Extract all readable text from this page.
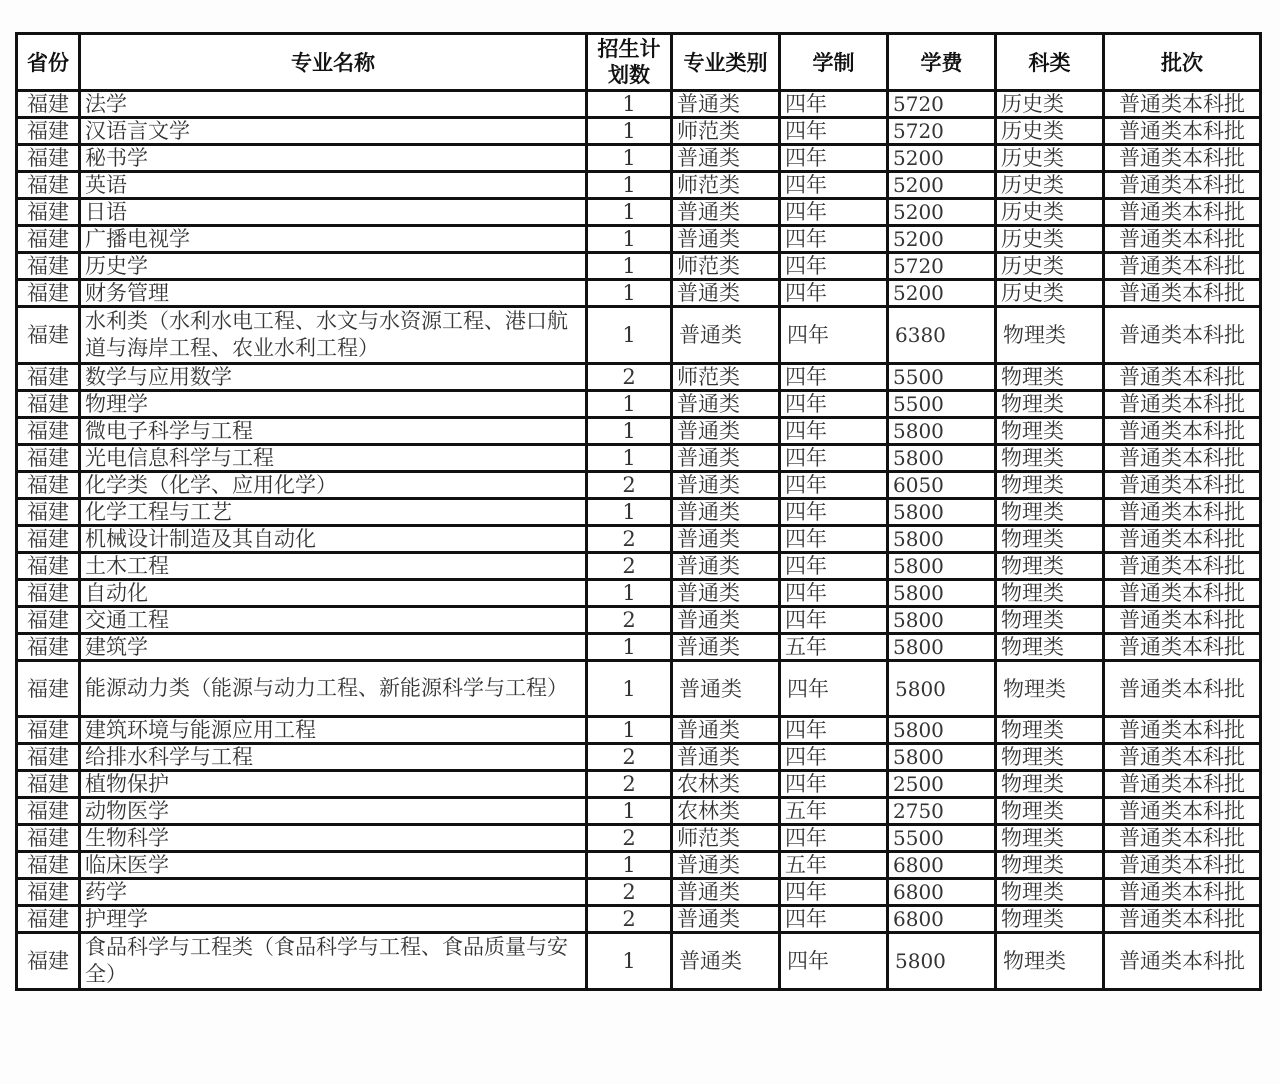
省份	专业名称	招生计划数	专业类别	学制	学费	科类	批次
福建	法学	1	普通类	四年	5720	历史类	普通类本科批
福建	汉语言文学	1	师范类	四年	5720	历史类	普通类本科批
福建	秘书学	1	普通类	四年	5200	历史类	普通类本科批
福建	英语	1	师范类	四年	5200	历史类	普通类本科批
福建	日语	1	普通类	四年	5200	历史类	普通类本科批
福建	广播电视学	1	普通类	四年	5200	历史类	普通类本科批
福建	历史学	1	师范类	四年	5720	历史类	普通类本科批
福建	财务管理	1	普通类	四年	5200	历史类	普通类本科批
福建	水利类（水利水电工程、水文与水资源工程、港口航道与海岸工程、农业水利工程）	1	普通类	四年	6380	物理类	普通类本科批
福建	数学与应用数学	2	师范类	四年	5500	物理类	普通类本科批
福建	物理学	1	普通类	四年	5500	物理类	普通类本科批
福建	微电子科学与工程	1	普通类	四年	5800	物理类	普通类本科批
福建	光电信息科学与工程	1	普通类	四年	5800	物理类	普通类本科批
福建	化学类（化学、应用化学）	2	普通类	四年	6050	物理类	普通类本科批
福建	化学工程与工艺	1	普通类	四年	5800	物理类	普通类本科批
福建	机械设计制造及其自动化	2	普通类	四年	5800	物理类	普通类本科批
福建	土木工程	2	普通类	四年	5800	物理类	普通类本科批
福建	自动化	1	普通类	四年	5800	物理类	普通类本科批
福建	交通工程	2	普通类	四年	5800	物理类	普通类本科批
福建	建筑学	1	普通类	五年	5800	物理类	普通类本科批
福建	能源动力类（能源与动力工程、新能源科学与工程）	1	普通类	四年	5800	物理类	普通类本科批
福建	建筑环境与能源应用工程	1	普通类	四年	5800	物理类	普通类本科批
福建	给排水科学与工程	2	普通类	四年	5800	物理类	普通类本科批
福建	植物保护	2	农林类	四年	2500	物理类	普通类本科批
福建	动物医学	1	农林类	五年	2750	物理类	普通类本科批
福建	生物科学	2	师范类	四年	5500	物理类	普通类本科批
福建	临床医学	1	普通类	五年	6800	物理类	普通类本科批
福建	药学	2	普通类	四年	6800	物理类	普通类本科批
福建	护理学	2	普通类	四年	6800	物理类	普通类本科批
福建	食品科学与工程类（食品科学与工程、食品质量与安全）	1	普通类	四年	5800	物理类	普通类本科批
